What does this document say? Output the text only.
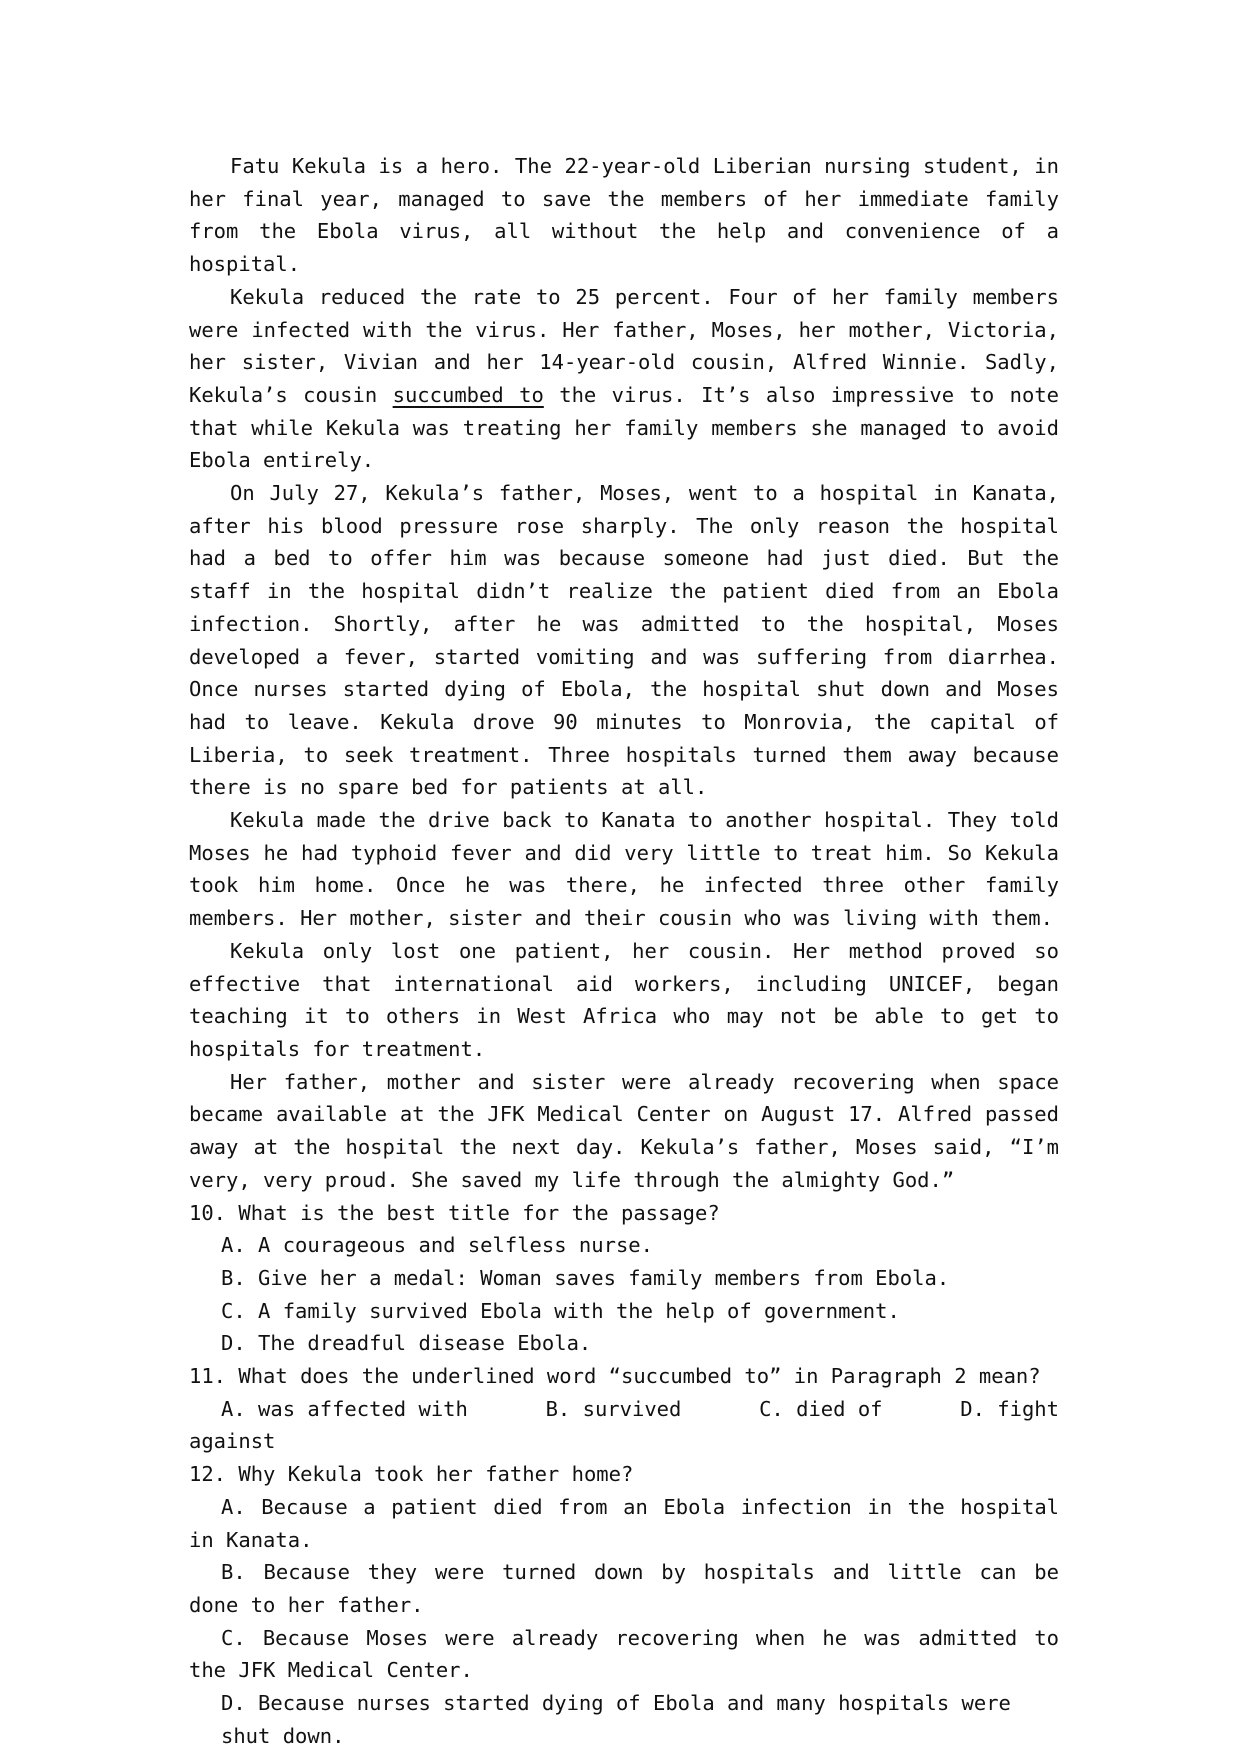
Fatu Kekula is a hero. The 22-year-old Liberian nursing student, in her final year, managed to save the members of her immediate family from the Ebola virus, all without the help and convenience of a hospital.

Kekula reduced the rate to 25 percent. Four of her family members were infected with the virus. Her father, Moses, her mother, Victoria, her sister, Vivian and her 14-year-old cousin, Alfred Winnie. Sadly, Kekula’s cousin succumbed to the virus. It’s also impressive to note that while Kekula was treating her family members she managed to avoid Ebola entirely.

On July 27, Kekula’s father, Moses, went to a hospital in Kanata, after his blood pressure rose sharply. The only reason the hospital had a bed to offer him was because someone had just died. But the staff in the hospital didn’t realize the patient died from an Ebola infection. Shortly, after he was admitted to the hospital, Moses developed a fever, started vomiting and was suffering from diarrhea. Once nurses started dying of Ebola, the hospital shut down and Moses had to leave. Kekula drove 90 minutes to Monrovia, the capital of Liberia, to seek treatment. Three hospitals turned them away because there is no spare bed for patients at all.

Kekula made the drive back to Kanata to another hospital. They told Moses he had typhoid fever and did very little to treat him. So Kekula took him home. Once he was there, he infected three other family members. Her mother, sister and their cousin who was living with them.

Kekula only lost one patient, her cousin. Her method proved so effective that international aid workers, including UNICEF, began teaching it to others in West Africa who may not be able to get to hospitals for treatment.

Her father, mother and sister were already recovering when space became available at the JFK Medical Center on August 17. Alfred passed away at the hospital the next day. Kekula’s father, Moses said, “I’m very, very proud. She saved my life through the almighty God.”

10. What is the best title for the passage?

A. A courageous and selfless nurse.

B. Give her a medal: Woman saves family members from Ebola.

C. A family survived Ebola with the help of government.

D. The dreadful disease Ebola.

11. What does the underlined word “succumbed to” in Paragraph 2 mean?

A. was affected with	B. survived	C. died of	D. fight

against

12. Why Kekula took her father home?

A. Because a patient died from an Ebola infection in the hospital in Kanata.

B. Because they were turned down by hospitals and little can be done to her father.

C. Because Moses were already recovering when he was admitted to the JFK Medical Center.

D. Because nurses started dying of Ebola and many hospitals were shut down.
